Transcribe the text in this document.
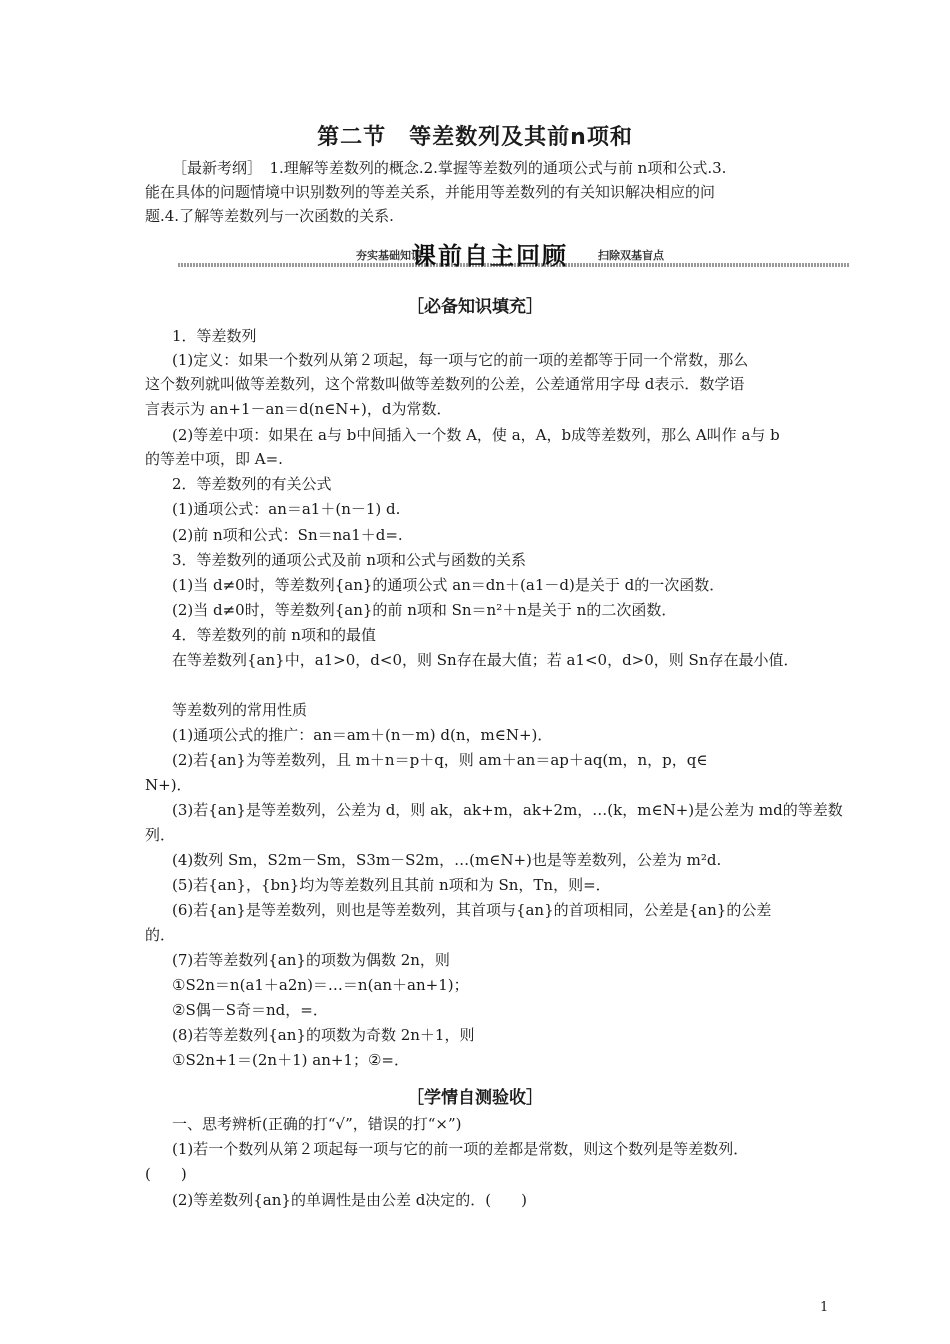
第二节　等差数列及其前n项和
［最新考纲］　1.理解等差数列的概念.2.掌握等差数列的通项公式与前 n项和公式.3.
能在具体的问题情境中识别数列的等差关系，并能用等差数列的有关知识解决相应的问
题.4.了解等差数列与一次函数的关系.
夯实基础知识
课前自主回顾	扫除双基盲点
［必备知识填充］
1．等差数列
(1)定义：如果一个数列从第２项起，每一项与它的前一项的差都等于同一个常数，那么
这个数列就叫做等差数列，这个常数叫做等差数列的公差，公差通常用字母 d表示．数学语
言表示为 an+1－an＝d(n∈N+)，d为常数．
(2)等差中项：如果在 a与 b中间插入一个数 A，使 a，A，b成等差数列，那么 A叫作 a与 b
的等差中项，即 A=.
2．等差数列的有关公式
(1)通项公式：an＝a1＋(n－1) d.
(2)前 n项和公式：Sn＝na1＋d=.
3．等差数列的通项公式及前 n项和公式与函数的关系
(1)当 d≠0时，等差数列{an}的通项公式 an＝dn＋(a1－d)是关于 d的一次函数．
(2)当 d≠0时，等差数列{an}的前 n项和 Sn＝n²＋n是关于 n的二次函数．
4．等差数列的前 n项和的最值
在等差数列{an}中，a1>0，d<0，则 Sn存在最大值；若 a1<0，d>0，则 Sn存在最小值．
等差数列的常用性质
(1)通项公式的推广：an＝am＋(n－m) d(n，m∈N+)．
(2)若{an}为等差数列，且 m＋n＝p＋q，则 am＋an＝ap＋aq(m，n，p，q∈
N+)．
(3)若{an}是等差数列，公差为 d，则 ak，ak+m，ak+2m，…(k，m∈N+)是公差为 md的等差数
列．
(4)数列 Sm，S2m－Sm，S3m－S2m，…(m∈N+)也是等差数列，公差为 m²d.
(5)若{an}，{bn}均为等差数列且其前 n项和为 Sn，Tn，则=．
(6)若{an}是等差数列，则也是等差数列，其首项与{an}的首项相同，公差是{an}的公差
的．
(7)若等差数列{an}的项数为偶数 2n，则
①S2n＝n(a1＋a2n)＝…＝n(an＋an+1)；
②S偶－S奇＝nd，=．
(8)若等差数列{an}的项数为奇数 2n＋1，则
①S2n+1＝(2n＋1) an+1；②=．
［学情自测验收］
一、思考辨析(正确的打“√”，错误的打“×”)
(1)若一个数列从第２项起每一项与它的前一项的差都是常数，则这个数列是等差数列．
(　　)
(2)等差数列{an}的单调性是由公差 d决定的．(　　)
1
